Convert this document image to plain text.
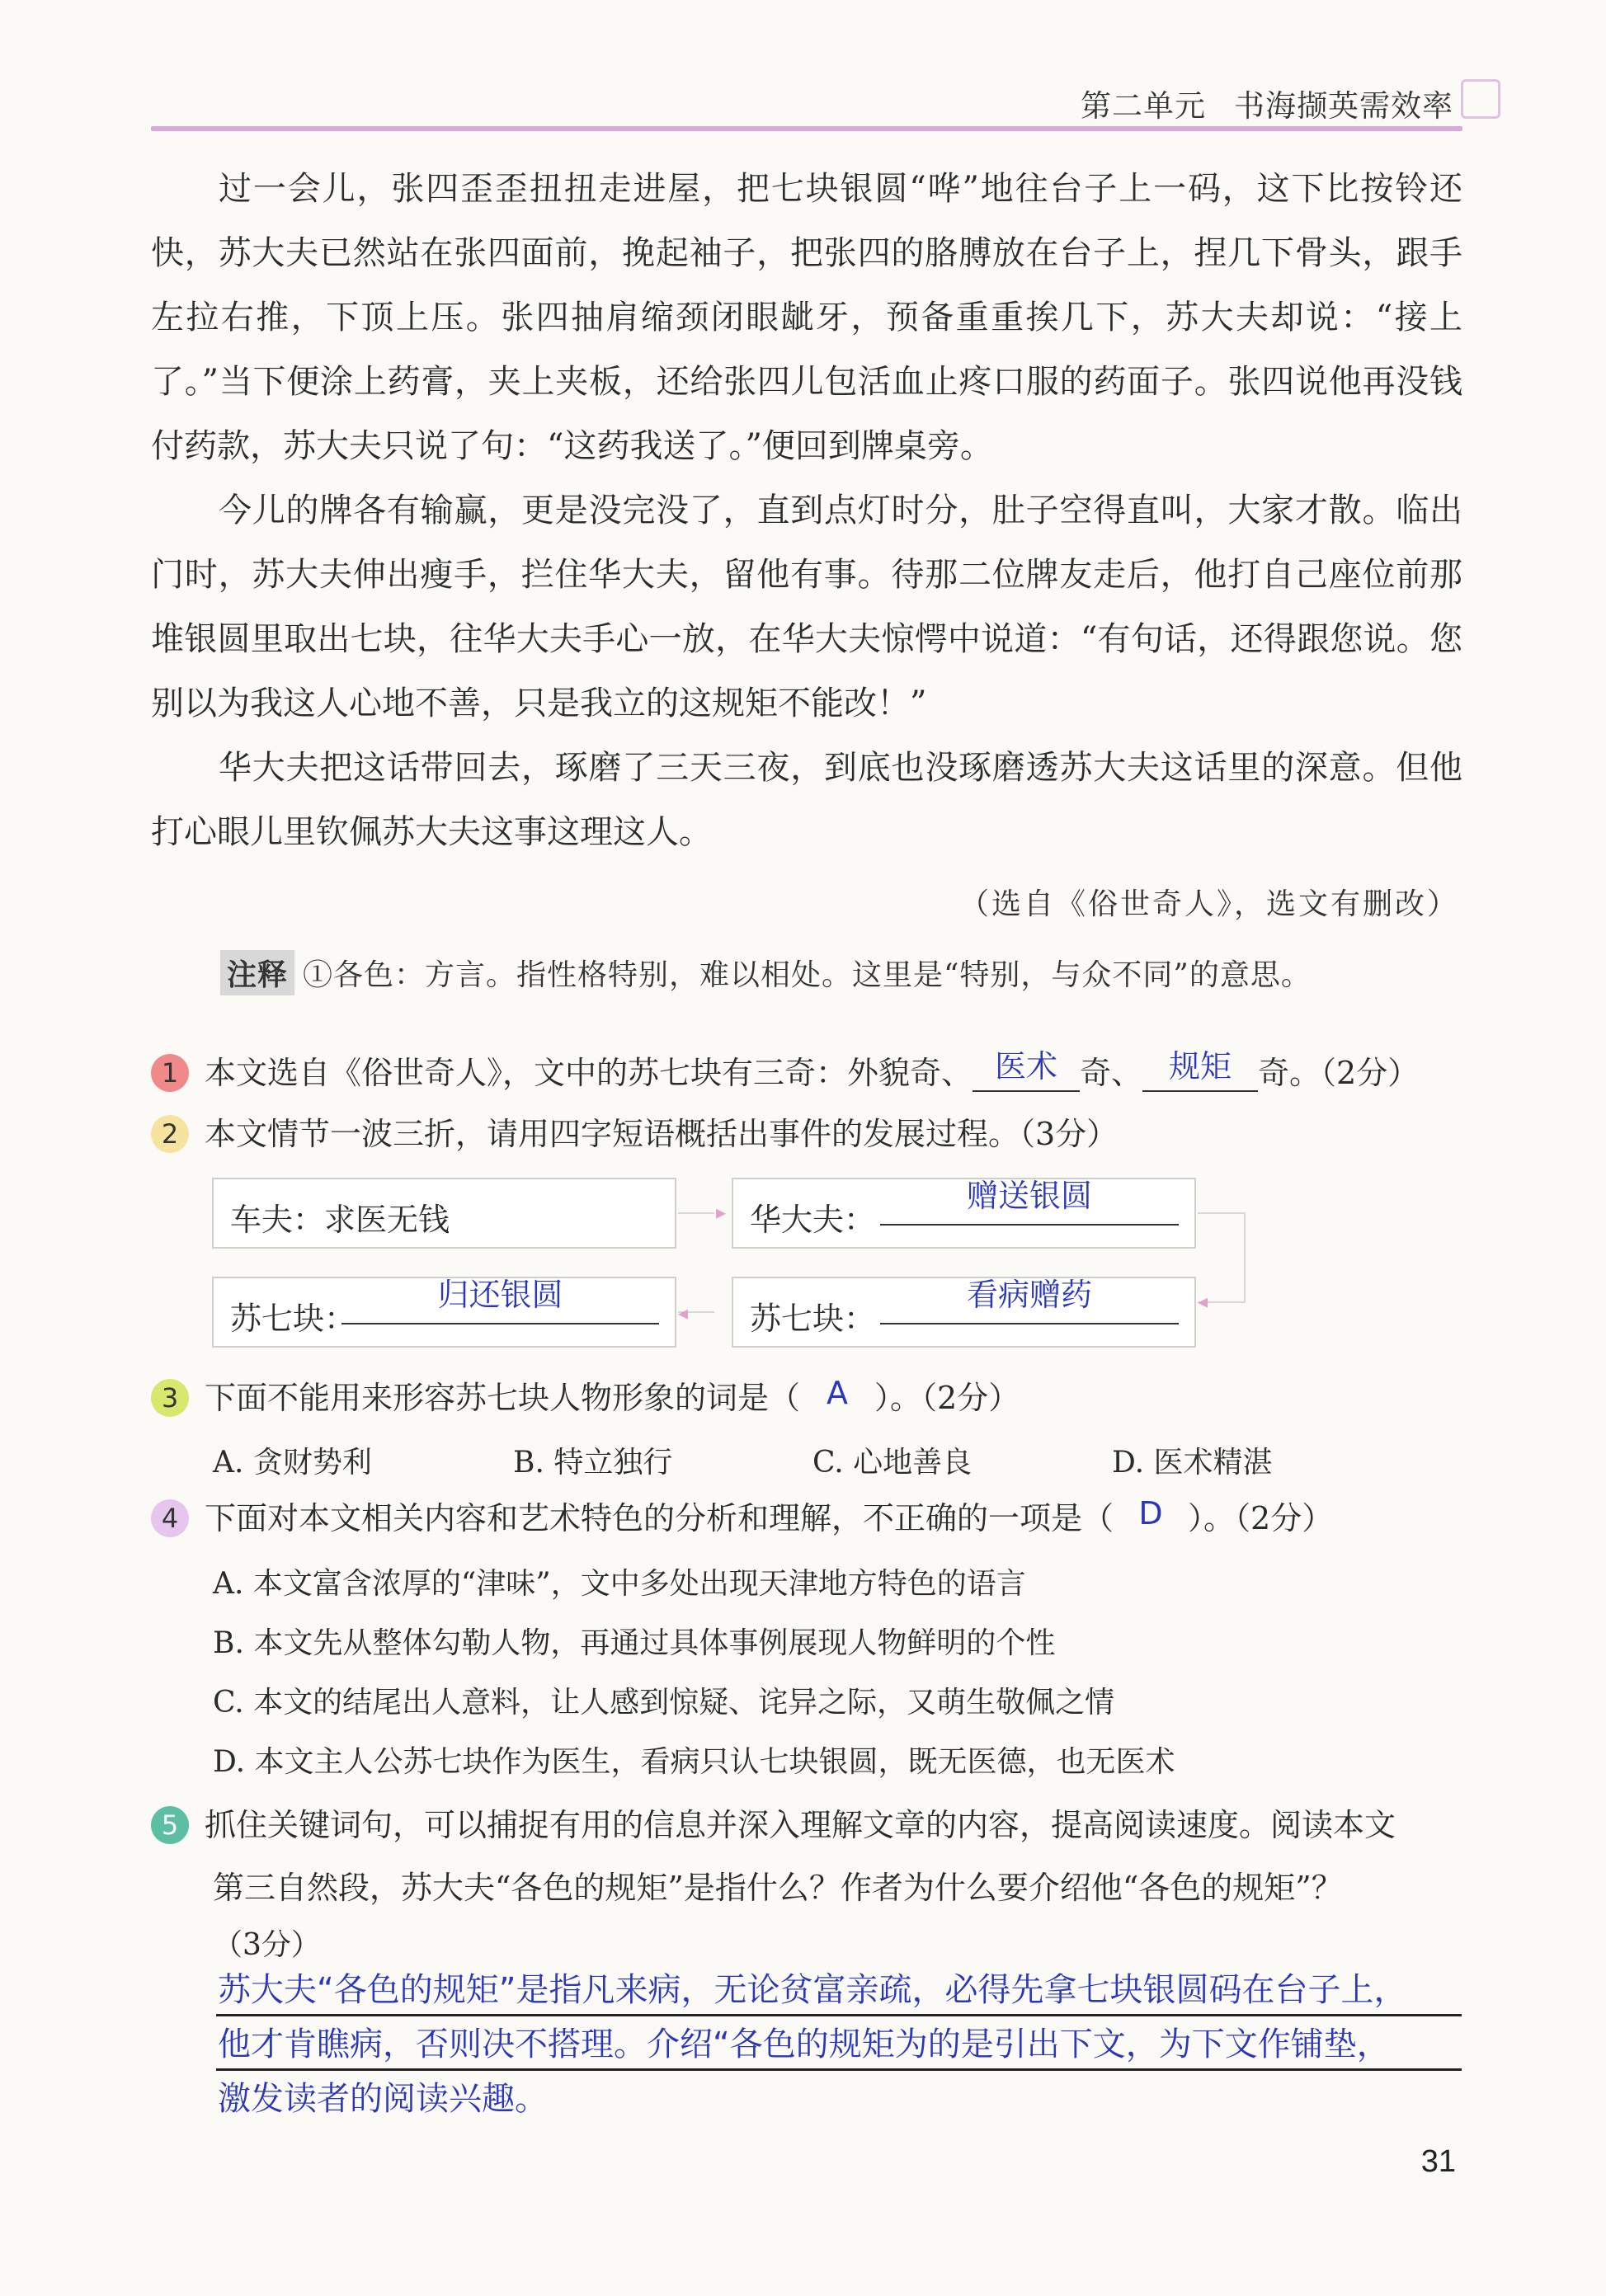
第二单元 书海撷英需效率

过一会儿，张四歪歪扭扭走进屋，把七块银圆“哗”地往台子上一码，这下比按铃还快，苏大夫已然站在张四面前，挽起袖子，把张四的胳膊放在台子上，捏几下骨头，跟手左拉右推，下顶上压。张四抽肩缩颈闭眼龇牙，预备重重挨几下，苏大夫却说：“接上了。”当下便涂上药膏，夹上夹板，还给张四儿包活血止疼口服的药面子。张四说他再没钱付药款，苏大夫只说了句：“这药我送了。”便回到牌桌旁。

今儿的牌各有输赢，更是没完没了，直到点灯时分，肚子空得直叫，大家才散。临出门时，苏大夫伸出瘦手，拦住华大夫，留他有事。待那二位牌友走后，他打自己座位前那堆银圆里取出七块，往华大夫手心一放，在华大夫惊愕中说道：“有句话，还得跟您说。您别以为我这人心地不善，只是我立的这规矩不能改！”

华大夫把这话带回去，琢磨了三天三夜，到底也没琢磨透苏大夫这话里的深意。但他打心眼儿里钦佩苏大夫这事这理这人。

（选自《俗世奇人》，选文有删改）
注释 ①各色：方言。指性格特别，难以相处。这里是“特别，与众不同”的意思。
1 本文选自《俗世奇人》，文中的苏七块有三奇：外貌奇、 医术 奇、 规矩 奇。（2分）
2 本文情节一波三折，请用四字短语概括出事件的发展过程。（3分）
车夫：求医无钱	▸ 华大夫：
赠送银圆
◂
苏七块：
看病赠药
◂
苏七块：
归还银圆
3 下面不能用来形容苏七块人物形象的词是（ A ）。（2分）
A. 贪财势利	B. 特立独行	C. 心地善良	D. 医术精湛
4 下面对本文相关内容和艺术特色的分析和理解，不正确的一项是（ D ）。（2分）
A. 本文富含浓厚的“津味”，文中多处出现天津地方特色的语言
B. 本文先从整体勾勒人物，再通过具体事例展现人物鲜明的个性
C. 本文的结尾出人意料，让人感到惊疑、诧异之际，又萌生敬佩之情
D. 本文主人公苏七块作为医生，看病只认七块银圆，既无医德，也无医术
5 抓住关键词句，可以捕捉有用的信息并深入理解文章的内容，提高阅读速度。阅读本文
第三自然段，苏大夫“各色的规矩”是指什么？作者为什么要介绍他“各色的规矩”？
（3分）
苏大夫“各色的规矩”是指凡来病，无论贫富亲疏，必得先拿七块银圆码在台子上，
他才肯瞧病，否则决不搭理。介绍“各色的规矩为的是引出下文，为下文作铺垫，
激发读者的阅读兴趣。
31
